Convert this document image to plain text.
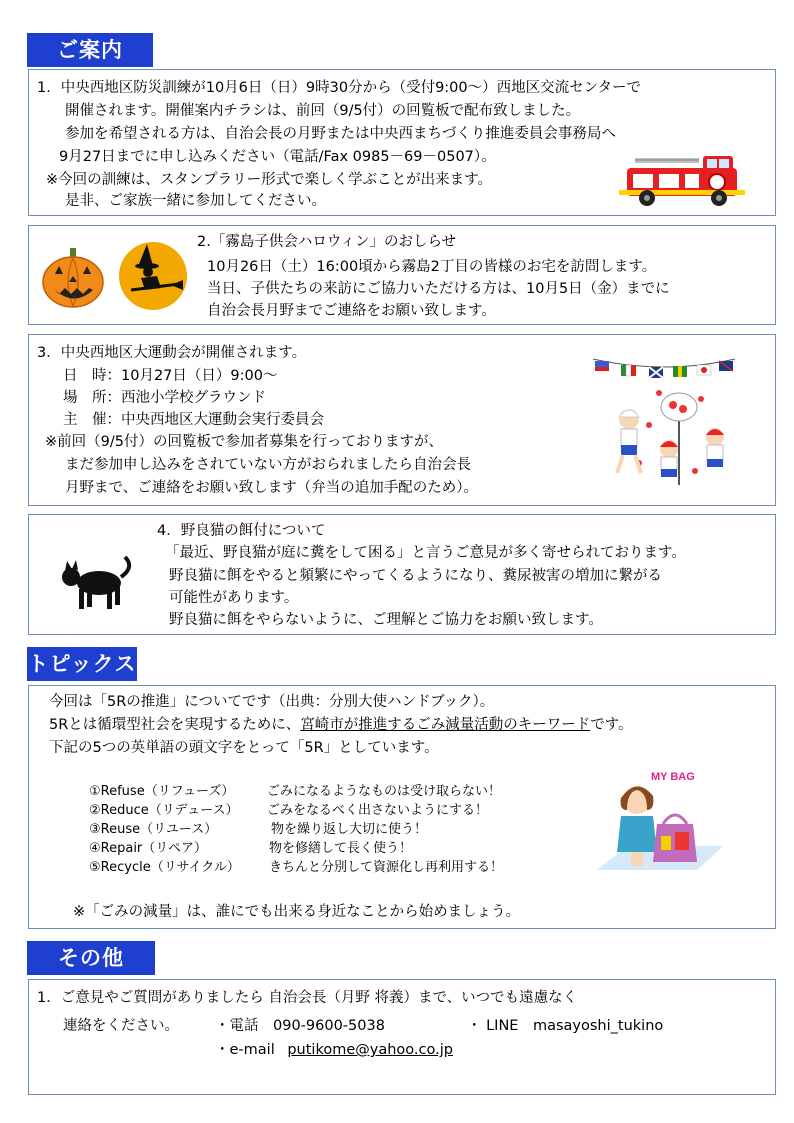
ご案内
1．中央西地区防災訓練が10月6日（日）9時30分から（受付9:00～）西地区交流センターで
開催されます。開催案内チラシは、前回（9/5付）の回覧板で配布致しました。
参加を希望される方は、自治会長の月野または中央西まちづくり推進委員会事務局へ
9月27日までに申し込みください（電話/Fax 0985－69－0507）。
※今回の訓練は、スタンプラリー形式で楽しく学ぶことが出来ます。
是非、ご家族一緒に参加してください。
2.「霧島子供会ハロウィン」のおしらせ
10月26日（土）16:00頃から霧島2丁目の皆様のお宅を訪問します。
当日、子供たちの来訪にご協力いただける方は、10月5日（金）までに
自治会長月野までご連絡をお願い致します。
3．中央西地区大運動会が開催されます。
日　時：10月27日（日）9:00～
場　所：西池小学校グラウンド
主　催：中央西地区大運動会実行委員会
※前回（9/5付）の回覧板で参加者募集を行っておりますが、
まだ参加申し込みをされていない方がおられましたら自治会長
月野まで、ご連絡をお願い致します（弁当の追加手配のため）。
4．野良猫の餌付について
「最近、野良猫が庭に糞をして困る」と言うご意見が多く寄せられております。
野良猫に餌をやると頻繁にやってくるようになり、糞尿被害の増加に繋がる
可能性があります。
野良猫に餌をやらないように、ご理解とご協力をお願い致します。
トピックス
今回は「5Rの推進」についてです（出典：分別大使ハンドブック）。
5Rとは循環型社会を実現するために、宮崎市が推進するごみ減量活動のキーワードです。
下記の5つの英単語の頭文字をとって「5R」としています。
①Refuse（リフューズ）	ごみになるようなものは受け取らない！
②Reduce（リデュース） ごみをなるべく出さないようにする！
③Reuse（リユース）	物を繰り返し大切に使う！
④Repair（リペア）	物を修繕して長く使う！
⑤Recycle（リサイクル） きちんと分別して資源化し再利用する！
※「ごみの減量」は、誰にでも出来る身近なことから始めましょう。
MY BAG
その他
1．ご意見やご質問がありましたら 自治会長（月野 将義）まで、いつでも遠慮なく
連絡をください。 ・電話　090-9600-5038	・ LINE　masayoshi_tukino
・e-mail putikome@yahoo.co.jp
